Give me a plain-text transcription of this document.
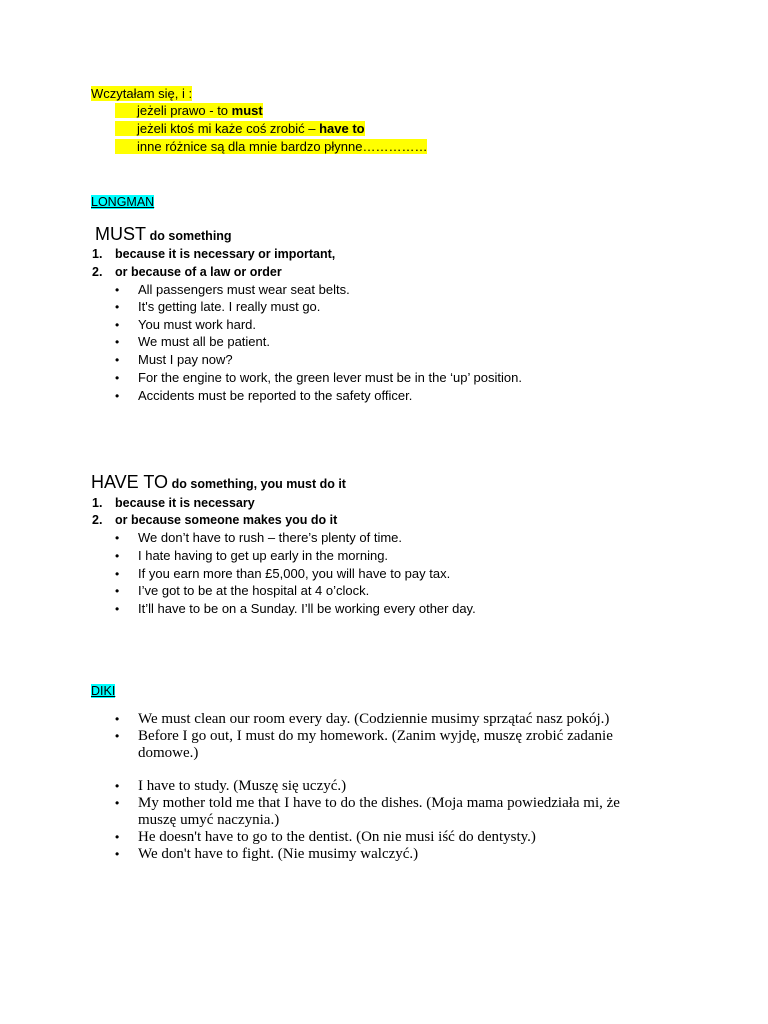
Wczytałam się, i :
jeżeli prawo - to must
jeżeli ktoś mi każe coś zrobić – have to
inne różnice są dla mnie bardzo płynne……………
LONGMAN
MUST do something
1. because it is necessary or important,
2. or because of a law or order
• All passengers must wear seat belts.
• It's getting late. I really must go.
• You must work hard.
• We must all be patient.
• Must I pay now?
• For the engine to work, the green lever must be in the ‘up’ position.
• Accidents must be reported to the safety officer.
HAVE TO do something, you must do it
1. because it is necessary
2. or because someone makes you do it
• We don’t have to rush – there’s plenty of time.
• I hate having to get up early in the morning.
• If you earn more than £5,000, you will have to pay tax.
• I’ve got to be at the hospital at 4 o’clock.
• It’ll have to be on a Sunday. I’ll be working every other day.
DIKI
• We must clean our room every day. (Codziennie musimy sprzątać nasz pokój.)
• Before I go out, I must do my homework. (Zanim wyjdę, muszę zrobić zadanie
domowe.)
• I have to study. (Muszę się uczyć.)
• My mother told me that I have to do the dishes. (Moja mama powiedziała mi, że
muszę umyć naczynia.)
• He doesn't have to go to the dentist. (On nie musi iść do dentysty.)
• We don't have to fight. (Nie musimy walczyć.)
